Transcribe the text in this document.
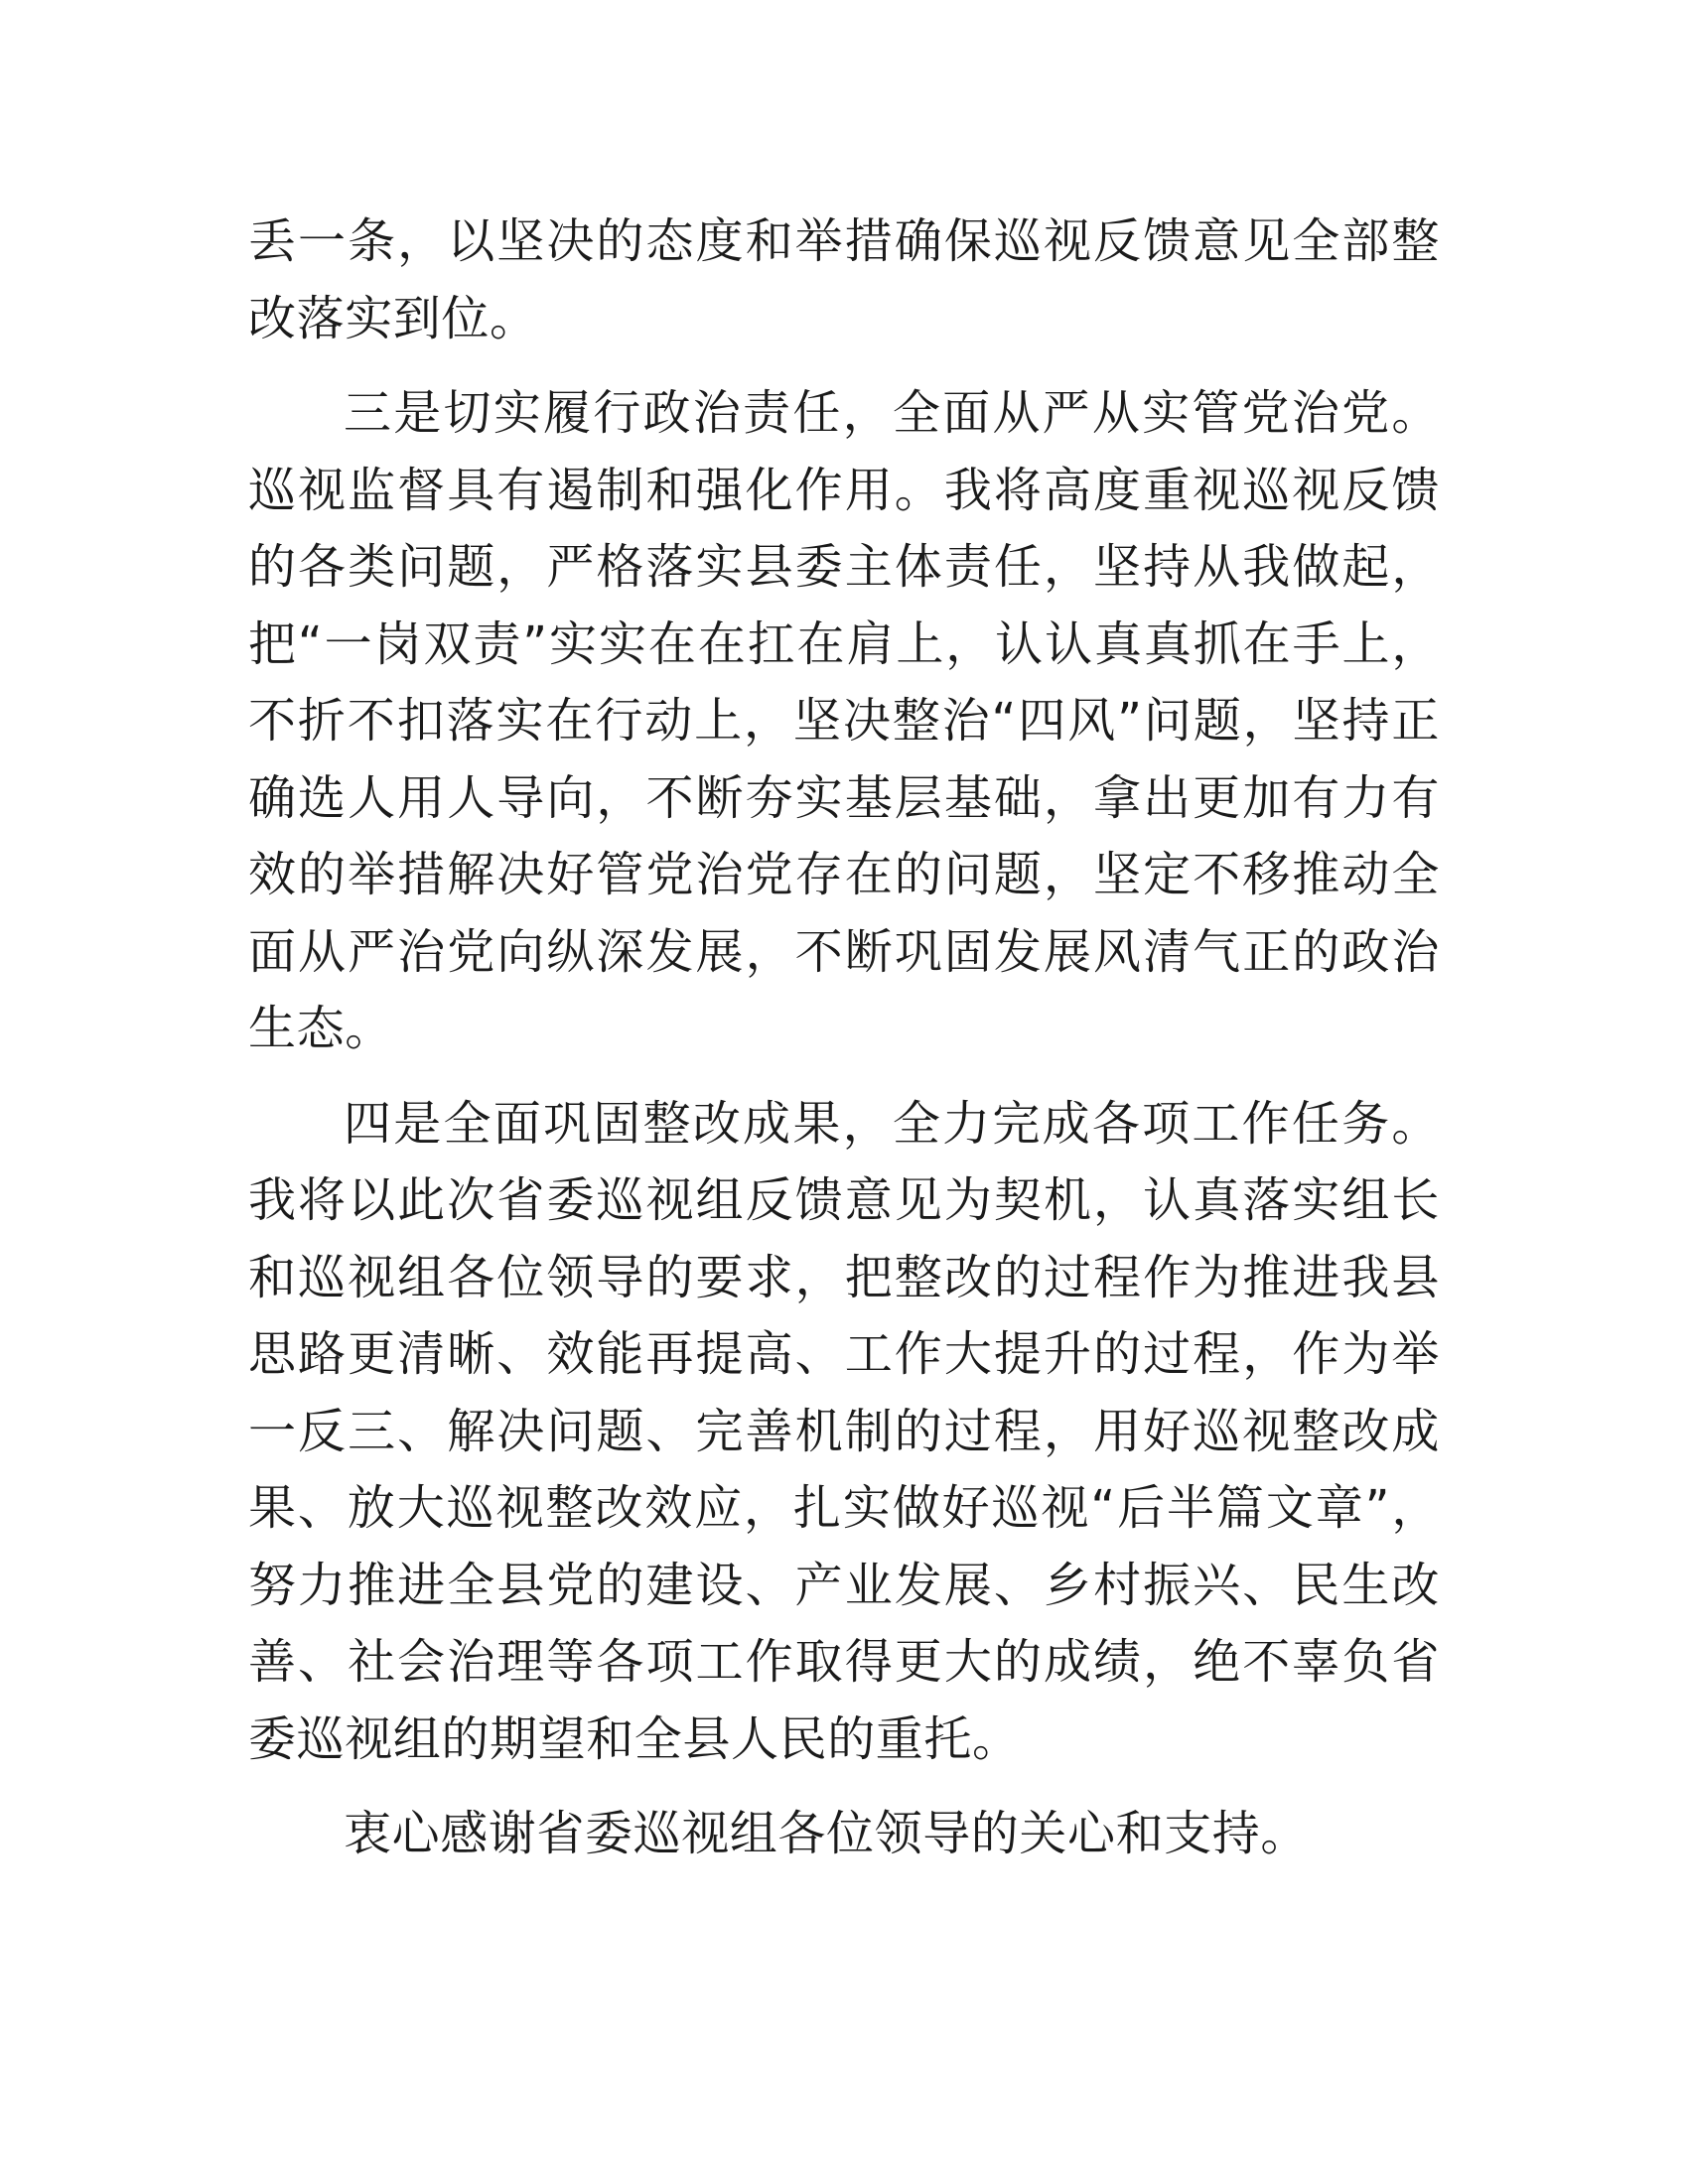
丢一条，以坚决的态度和举措确保巡视反馈意见全部整改落实到位。

三是切实履行政治责任，全面从严从实管党治党。巡视监督具有遏制和强化作用。我将高度重视巡视反馈的各类问题，严格落实县委主体责任，坚持从我做起，把“一岗双责”实实在在扛在肩上，认认真真抓在手上，不折不扣落实在行动上，坚决整治“四风”问题，坚持正确选人用人导向，不断夯实基层基础，拿出更加有力有效的举措解决好管党治党存在的问题，坚定不移推动全面从严治党向纵深发展，不断巩固发展风清气正的政治生态。

四是全面巩固整改成果，全力完成各项工作任务。我将以此次省委巡视组反馈意见为契机，认真落实组长和巡视组各位领导的要求，把整改的过程作为推进我县思路更清晰、效能再提高、工作大提升的过程，作为举一反三、解决问题、完善机制的过程，用好巡视整改成果、放大巡视整改效应，扎实做好巡视“后半篇文章”，努力推进全县党的建设、产业发展、乡村振兴、民生改善、社会治理等各项工作取得更大的成绩，绝不辜负省委巡视组的期望和全县人民的重托。

衷心感谢省委巡视组各位领导的关心和支持。
